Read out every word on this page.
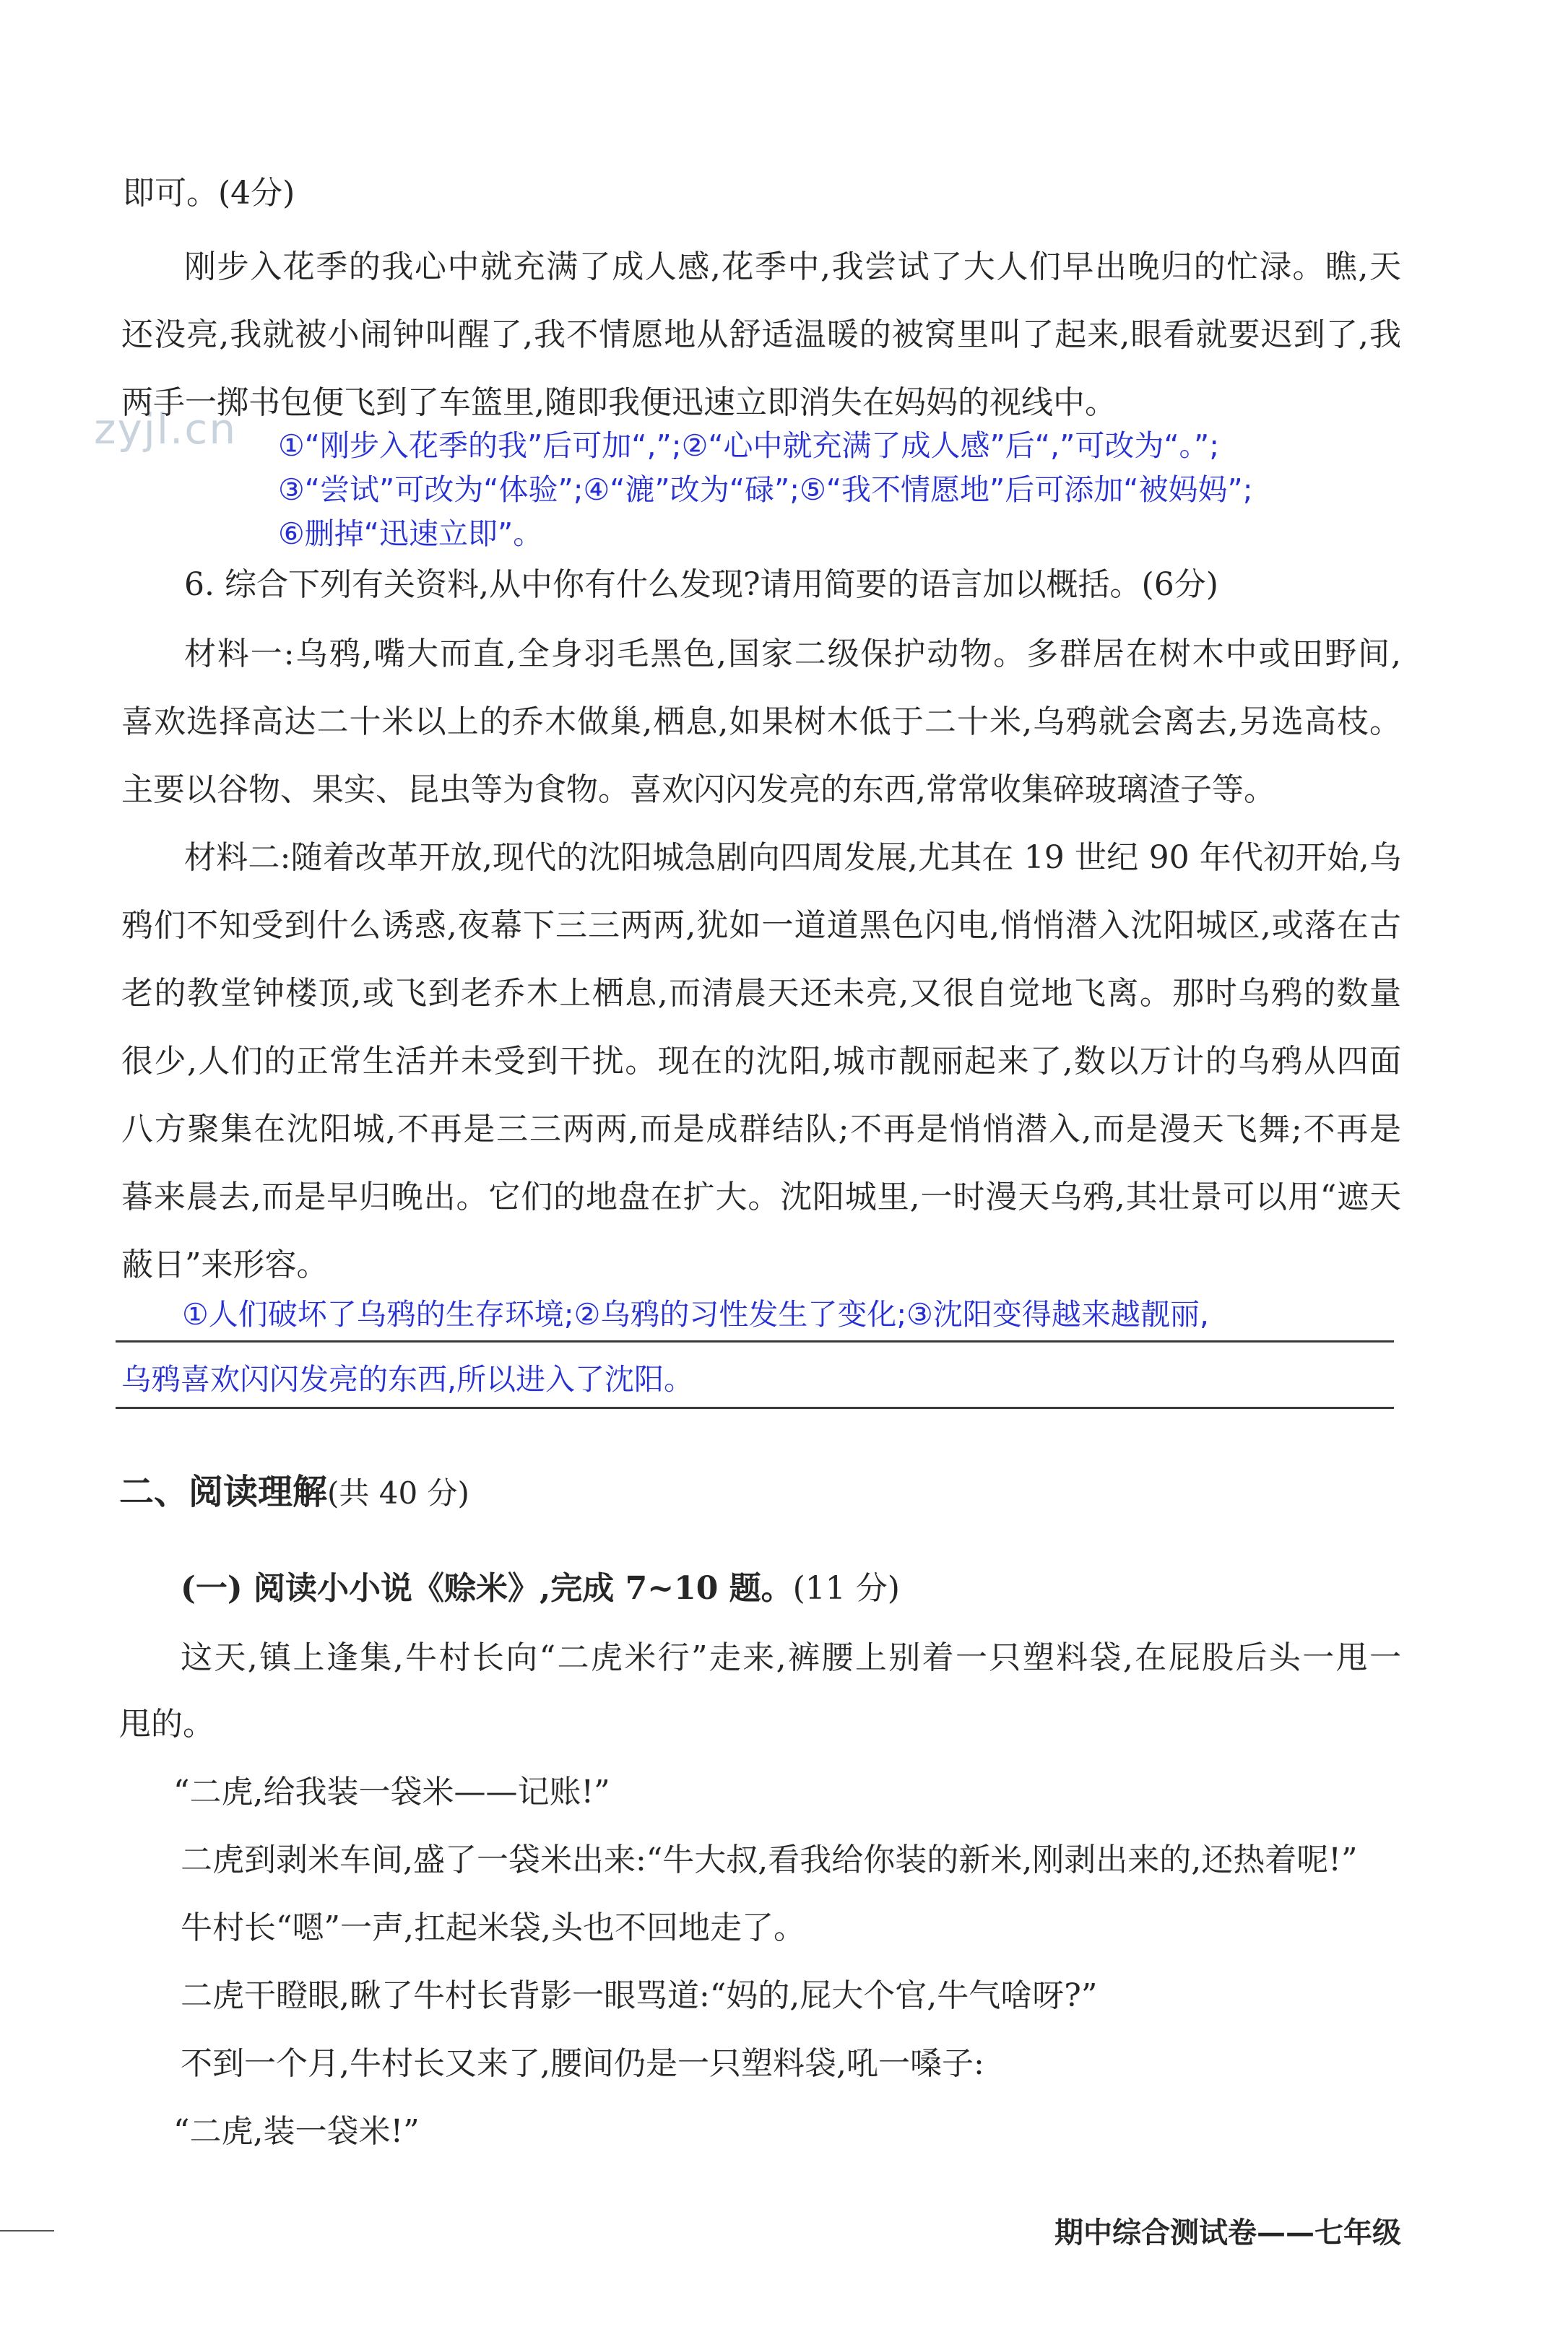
zyjl.cn
即可。(4分)
刚步入花季的我心中就充满了成人感,花季中,我尝试了大人们早出晚归的忙渌。瞧,天
还没亮,我就被小闹钟叫醒了,我不情愿地从舒适温暖的被窝里叫了起来,眼看就要迟到了,我
两手一掷书包便飞到了车篮里,随即我便迅速立即消失在妈妈的视线中。
①“刚步入花季的我”后可加“,”;②“心中就充满了成人感”后“,”可改为“。”;
③“尝试”可改为“体验”;④“漉”改为“碌”;⑤“我不情愿地”后可添加“被妈妈”;
⑥删掉“迅速立即”。
6. 综合下列有关资料,从中你有什么发现?请用简要的语言加以概括。(6分)
材料一:乌鸦,嘴大而直,全身羽毛黑色,国家二级保护动物。多群居在树木中或田野间,
喜欢选择高达二十米以上的乔木做巢,栖息,如果树木低于二十米,乌鸦就会离去,另选高枝。
主要以谷物、果实、昆虫等为食物。喜欢闪闪发亮的东西,常常收集碎玻璃渣子等。
材料二:随着改革开放,现代的沈阳城急剧向四周发展,尤其在 19 世纪 90 年代初开始,乌
鸦们不知受到什么诱惑,夜幕下三三两两,犹如一道道黑色闪电,悄悄潜入沈阳城区,或落在古
老的教堂钟楼顶,或飞到老乔木上栖息,而清晨天还未亮,又很自觉地飞离。那时乌鸦的数量
很少,人们的正常生活并未受到干扰。现在的沈阳,城市靓丽起来了,数以万计的乌鸦从四面
八方聚集在沈阳城,不再是三三两两,而是成群结队;不再是悄悄潜入,而是漫天飞舞;不再是
暮来晨去,而是早归晚出。它们的地盘在扩大。沈阳城里,一时漫天乌鸦,其壮景可以用“遮天
蔽日”来形容。
①人们破坏了乌鸦的生存环境;②乌鸦的习性发生了变化;③沈阳变得越来越靓丽,
乌鸦喜欢闪闪发亮的东西,所以进入了沈阳。
二、阅读理解(共 40 分)
(一) 阅读小小说《赊米》,完成 7~10 题。(11 分)
这天,镇上逢集,牛村长向“二虎米行”走来,裤腰上别着一只塑料袋,在屁股后头一甩一
甩的。
“二虎,给我装一袋米——记账!”
二虎到剥米车间,盛了一袋米出来:“牛大叔,看我给你装的新米,刚剥出来的,还热着呢!”
牛村长“嗯”一声,扛起米袋,头也不回地走了。
二虎干瞪眼,瞅了牛村长背影一眼骂道:“妈的,屁大个官,牛气啥呀?”
不到一个月,牛村长又来了,腰间仍是一只塑料袋,吼一嗓子:
“二虎,装一袋米!”
期中综合测试卷——七年级
